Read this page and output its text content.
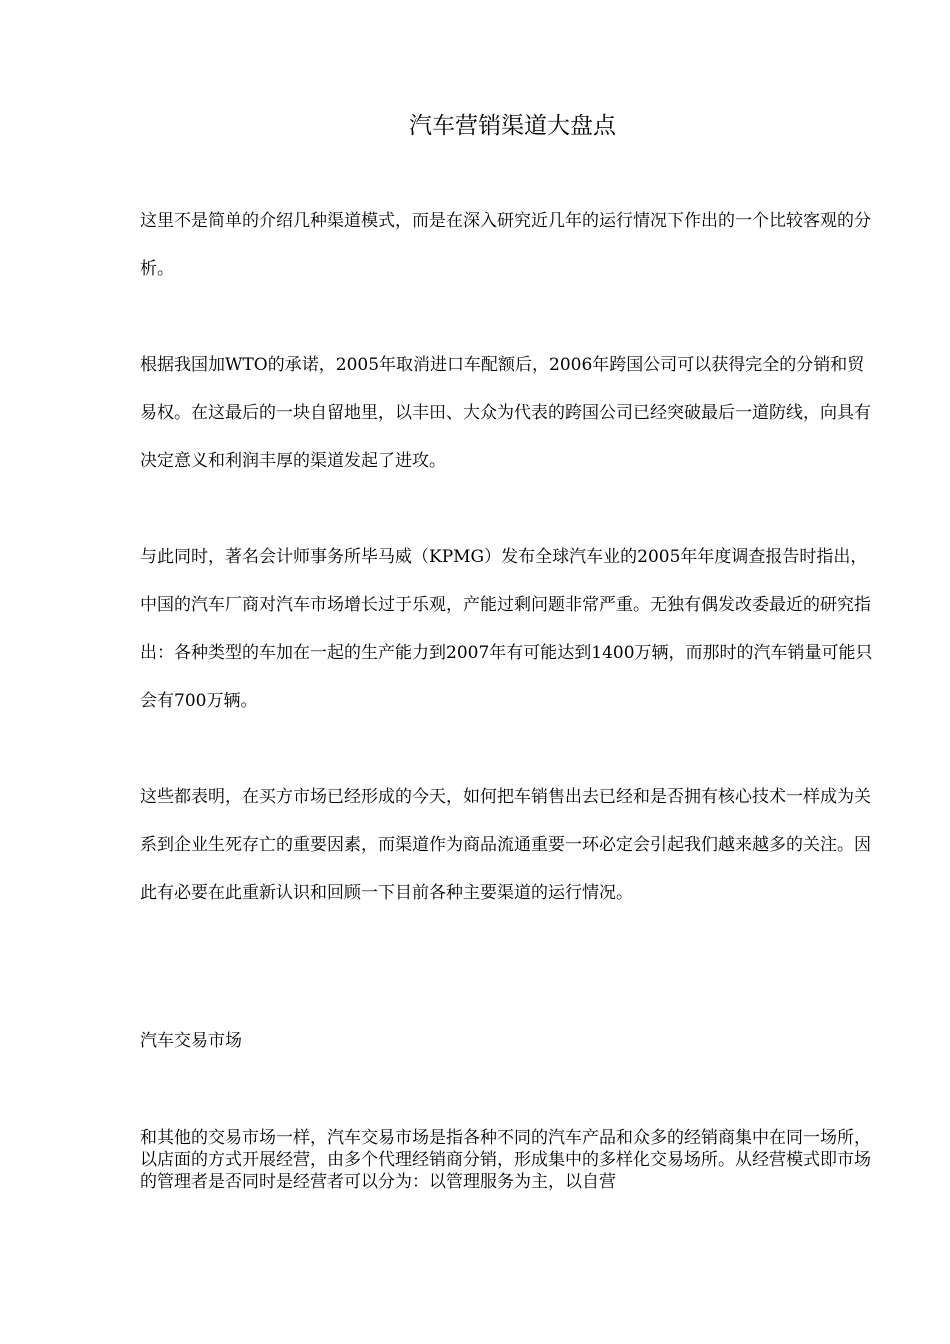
汽车营销渠道大盘点

这里不是简单的介绍几种渠道模式，而是在深入研究近几年的运行情况下作出的一个比较客观的分析。

根据我国加WTO的承诺，2005年取消进口车配额后，2006年跨国公司可以获得完全的分销和贸易权。在这最后的一块自留地里，以丰田、大众为代表的跨国公司已经突破最后一道防线，向具有决定意义和利润丰厚的渠道发起了进攻。

与此同时，著名会计师事务所毕马威（KPMG）发布全球汽车业的2005年年度调查报告时指出，中国的汽车厂商对汽车市场增长过于乐观，产能过剩问题非常严重。无独有偶发改委最近的研究指出：各种类型的车加在一起的生产能力到2007年有可能达到1400万辆，而那时的汽车销量可能只会有700万辆。

这些都表明，在买方市场已经形成的今天，如何把车销售出去已经和是否拥有核心技术一样成为关系到企业生死存亡的重要因素，而渠道作为商品流通重要一环必定会引起我们越来越多的关注。因此有必要在此重新认识和回顾一下目前各种主要渠道的运行情况。

汽车交易市场

和其他的交易市场一样，汽车交易市场是指各种不同的汽车产品和众多的经销商集中在同一场所，以店面的方式开展经营，由多个代理经销商分销，形成集中的多样化交易场所。从经营模式即市场的管理者是否同时是经营者可以分为：以管理服务为主，以自营
